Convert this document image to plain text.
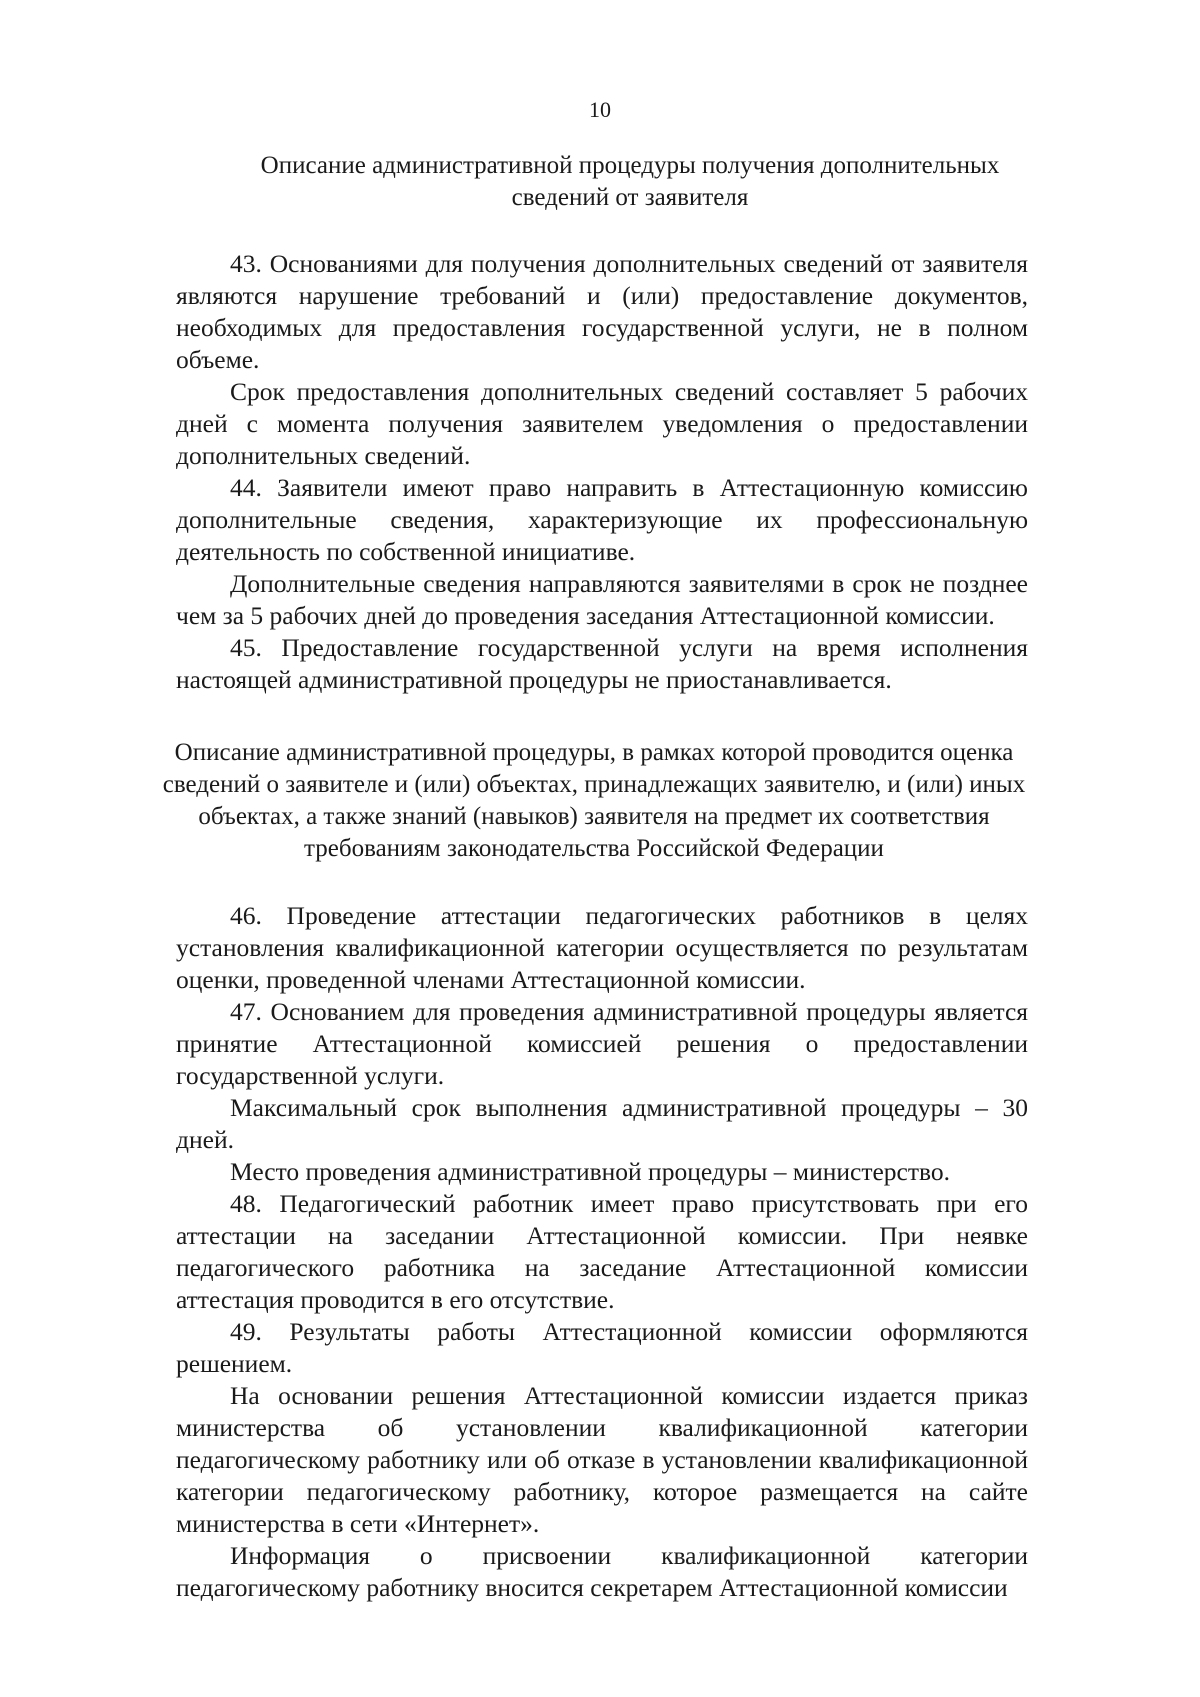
10
Описание административной процедуры получения дополнительных сведений от заявителя

43. Основаниями для получения дополнительных сведений от заявителя являются нарушение требований и (или) предоставление документов, необходимых для предоставления государственной услуги, не в полном объеме.

Срок предоставления дополнительных сведений составляет 5 рабочих дней с момента получения заявителем уведомления о предоставлении дополнительных сведений.

44. Заявители имеют право направить в Аттестационную комиссию дополнительные сведения, характеризующие их профессиональную деятельность по собственной инициативе.

Дополнительные сведения направляются заявителями в срок не позднее чем за 5 рабочих дней до проведения заседания Аттестационной комиссии.

45. Предоставление государственной услуги на время исполнения настоящей административной процедуры не приостанавливается.

Описание административной процедуры, в рамках которой проводится оценка сведений о заявителе и (или) объектах, принадлежащих заявителю, и (или) иных объектах, а также знаний (навыков) заявителя на предмет их соответствия требованиям законодательства Российской Федерации

46. Проведение аттестации педагогических работников в целях установления квалификационной категории осуществляется по результатам оценки, проведенной членами Аттестационной комиссии.

47. Основанием для проведения административной процедуры является принятие Аттестационной комиссией решения о предоставлении государственной услуги.

Максимальный срок выполнения административной процедуры – 30 дней.

Место проведения административной процедуры – министерство.

48. Педагогический работник имеет право присутствовать при его аттестации на заседании Аттестационной комиссии. При неявке педагогического работника на заседание Аттестационной комиссии аттестация проводится в его отсутствие.

49. Результаты работы Аттестационной комиссии оформляются решением.

На основании решения Аттестационной комиссии издается приказ министерства об установлении квалификационной категории педагогическому работнику или об отказе в установлении квалификационной категории педагогическому работнику, которое размещается на сайте министерства в сети «Интернет».

Информация о присвоении квалификационной категории педагогическому работнику вносится секретарем Аттестационной комиссии
